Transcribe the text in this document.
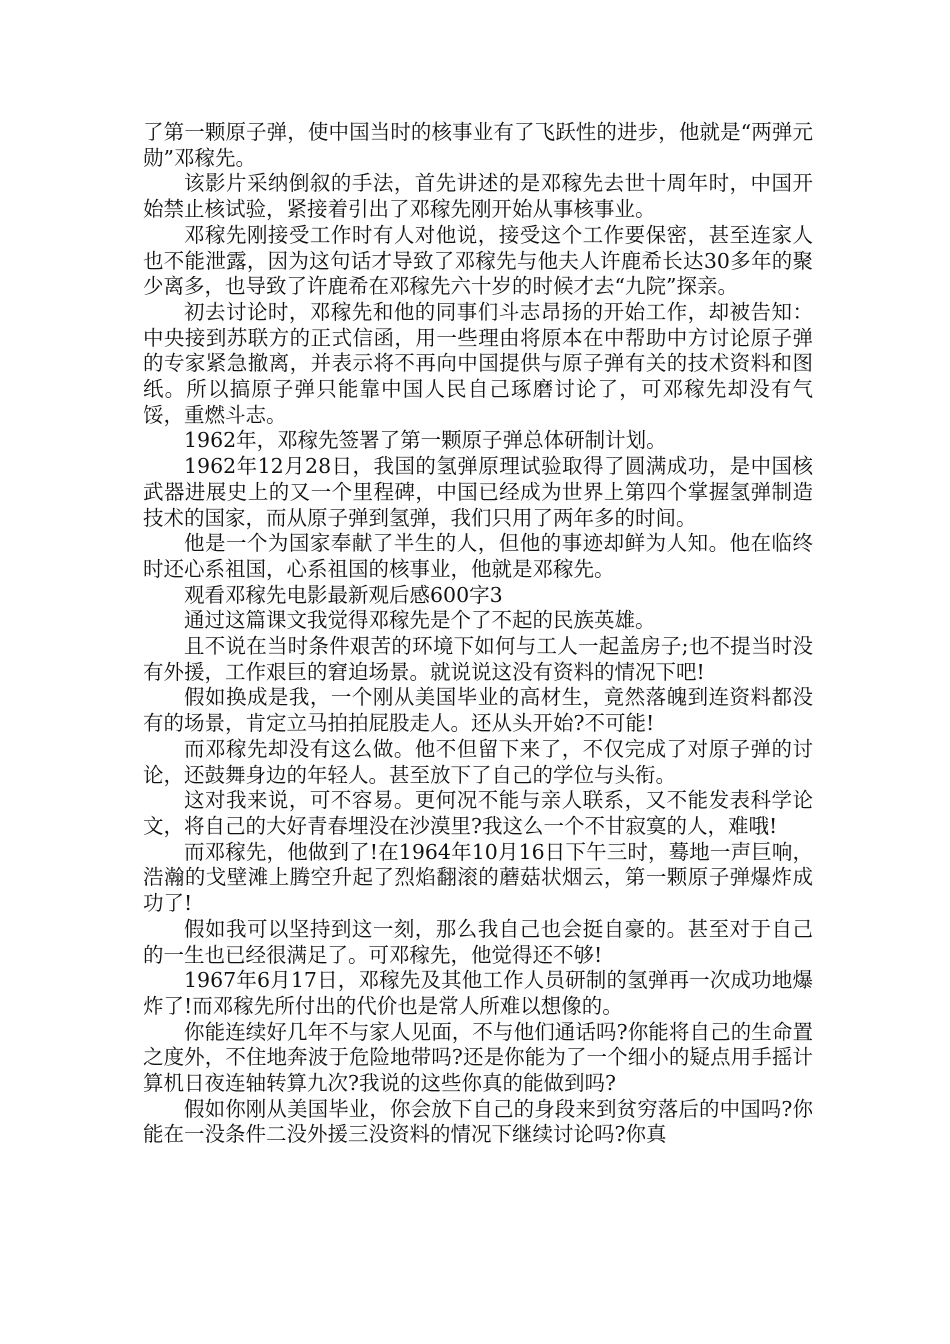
了第一颗原子弹，使中国当时的核事业有了飞跃性的进步，他就是“两弹元勋”邓稼先。

该影片采纳倒叙的手法，首先讲述的是邓稼先去世十周年时，中国开始禁止核试验，紧接着引出了邓稼先刚开始从事核事业。

邓稼先刚接受工作时有人对他说，接受这个工作要保密，甚至连家人也不能泄露，因为这句话才导致了邓稼先与他夫人许鹿希长达30多年的聚少离多，也导致了许鹿希在邓稼先六十岁的时候才去“九院”探亲。

初去讨论时，邓稼先和他的同事们斗志昂扬的开始工作，却被告知：中央接到苏联方的正式信函，用一些理由将原本在中帮助中方讨论原子弹的专家紧急撤离，并表示将不再向中国提供与原子弹有关的技术资料和图纸。所以搞原子弹只能靠中国人民自己琢磨讨论了，可邓稼先却没有气馁，重燃斗志。

1962年，邓稼先签署了第一颗原子弹总体研制计划。

1962年12月28日，我国的氢弹原理试验取得了圆满成功，是中国核武器进展史上的又一个里程碑，中国已经成为世界上第四个掌握氢弹制造技术的国家，而从原子弹到氢弹，我们只用了两年多的时间。

他是一个为国家奉献了半生的人，但他的事迹却鲜为人知。他在临终时还心系祖国，心系祖国的核事业，他就是邓稼先。

观看邓稼先电影最新观后感600字3

通过这篇课文我觉得邓稼先是个了不起的民族英雄。

且不说在当时条件艰苦的环境下如何与工人一起盖房子;也不提当时没有外援，工作艰巨的窘迫场景。就说说这没有资料的情况下吧!

假如换成是我，一个刚从美国毕业的高材生，竟然落魄到连资料都没有的场景，肯定立马拍拍屁股走人。还从头开始?不可能!

而邓稼先却没有这么做。他不但留下来了，不仅完成了对原子弹的讨论，还鼓舞身边的年轻人。甚至放下了自己的学位与头衔。

这对我来说，可不容易。更何况不能与亲人联系，又不能发表科学论文，将自己的大好青春埋没在沙漠里?我这么一个不甘寂寞的人，难哦!

而邓稼先，他做到了!在1964年10月16日下午三时，蓦地一声巨响，浩瀚的戈壁滩上腾空升起了烈焰翻滚的蘑菇状烟云，第一颗原子弹爆炸成功了!

假如我可以坚持到这一刻，那么我自己也会挺自豪的。甚至对于自己的一生也已经很满足了。可邓稼先，他觉得还不够!

1967年6月17日，邓稼先及其他工作人员研制的氢弹再一次成功地爆炸了!而邓稼先所付出的代价也是常人所难以想像的。

你能连续好几年不与家人见面，不与他们通话吗?你能将自己的生命置之度外，不住地奔波于危险地带吗?还是你能为了一个细小的疑点用手摇计算机日夜连轴转算九次?我说的这些你真的能做到吗?

假如你刚从美国毕业，你会放下自己的身段来到贫穷落后的中国吗?你能在一没条件二没外援三没资料的情况下继续讨论吗?你真
